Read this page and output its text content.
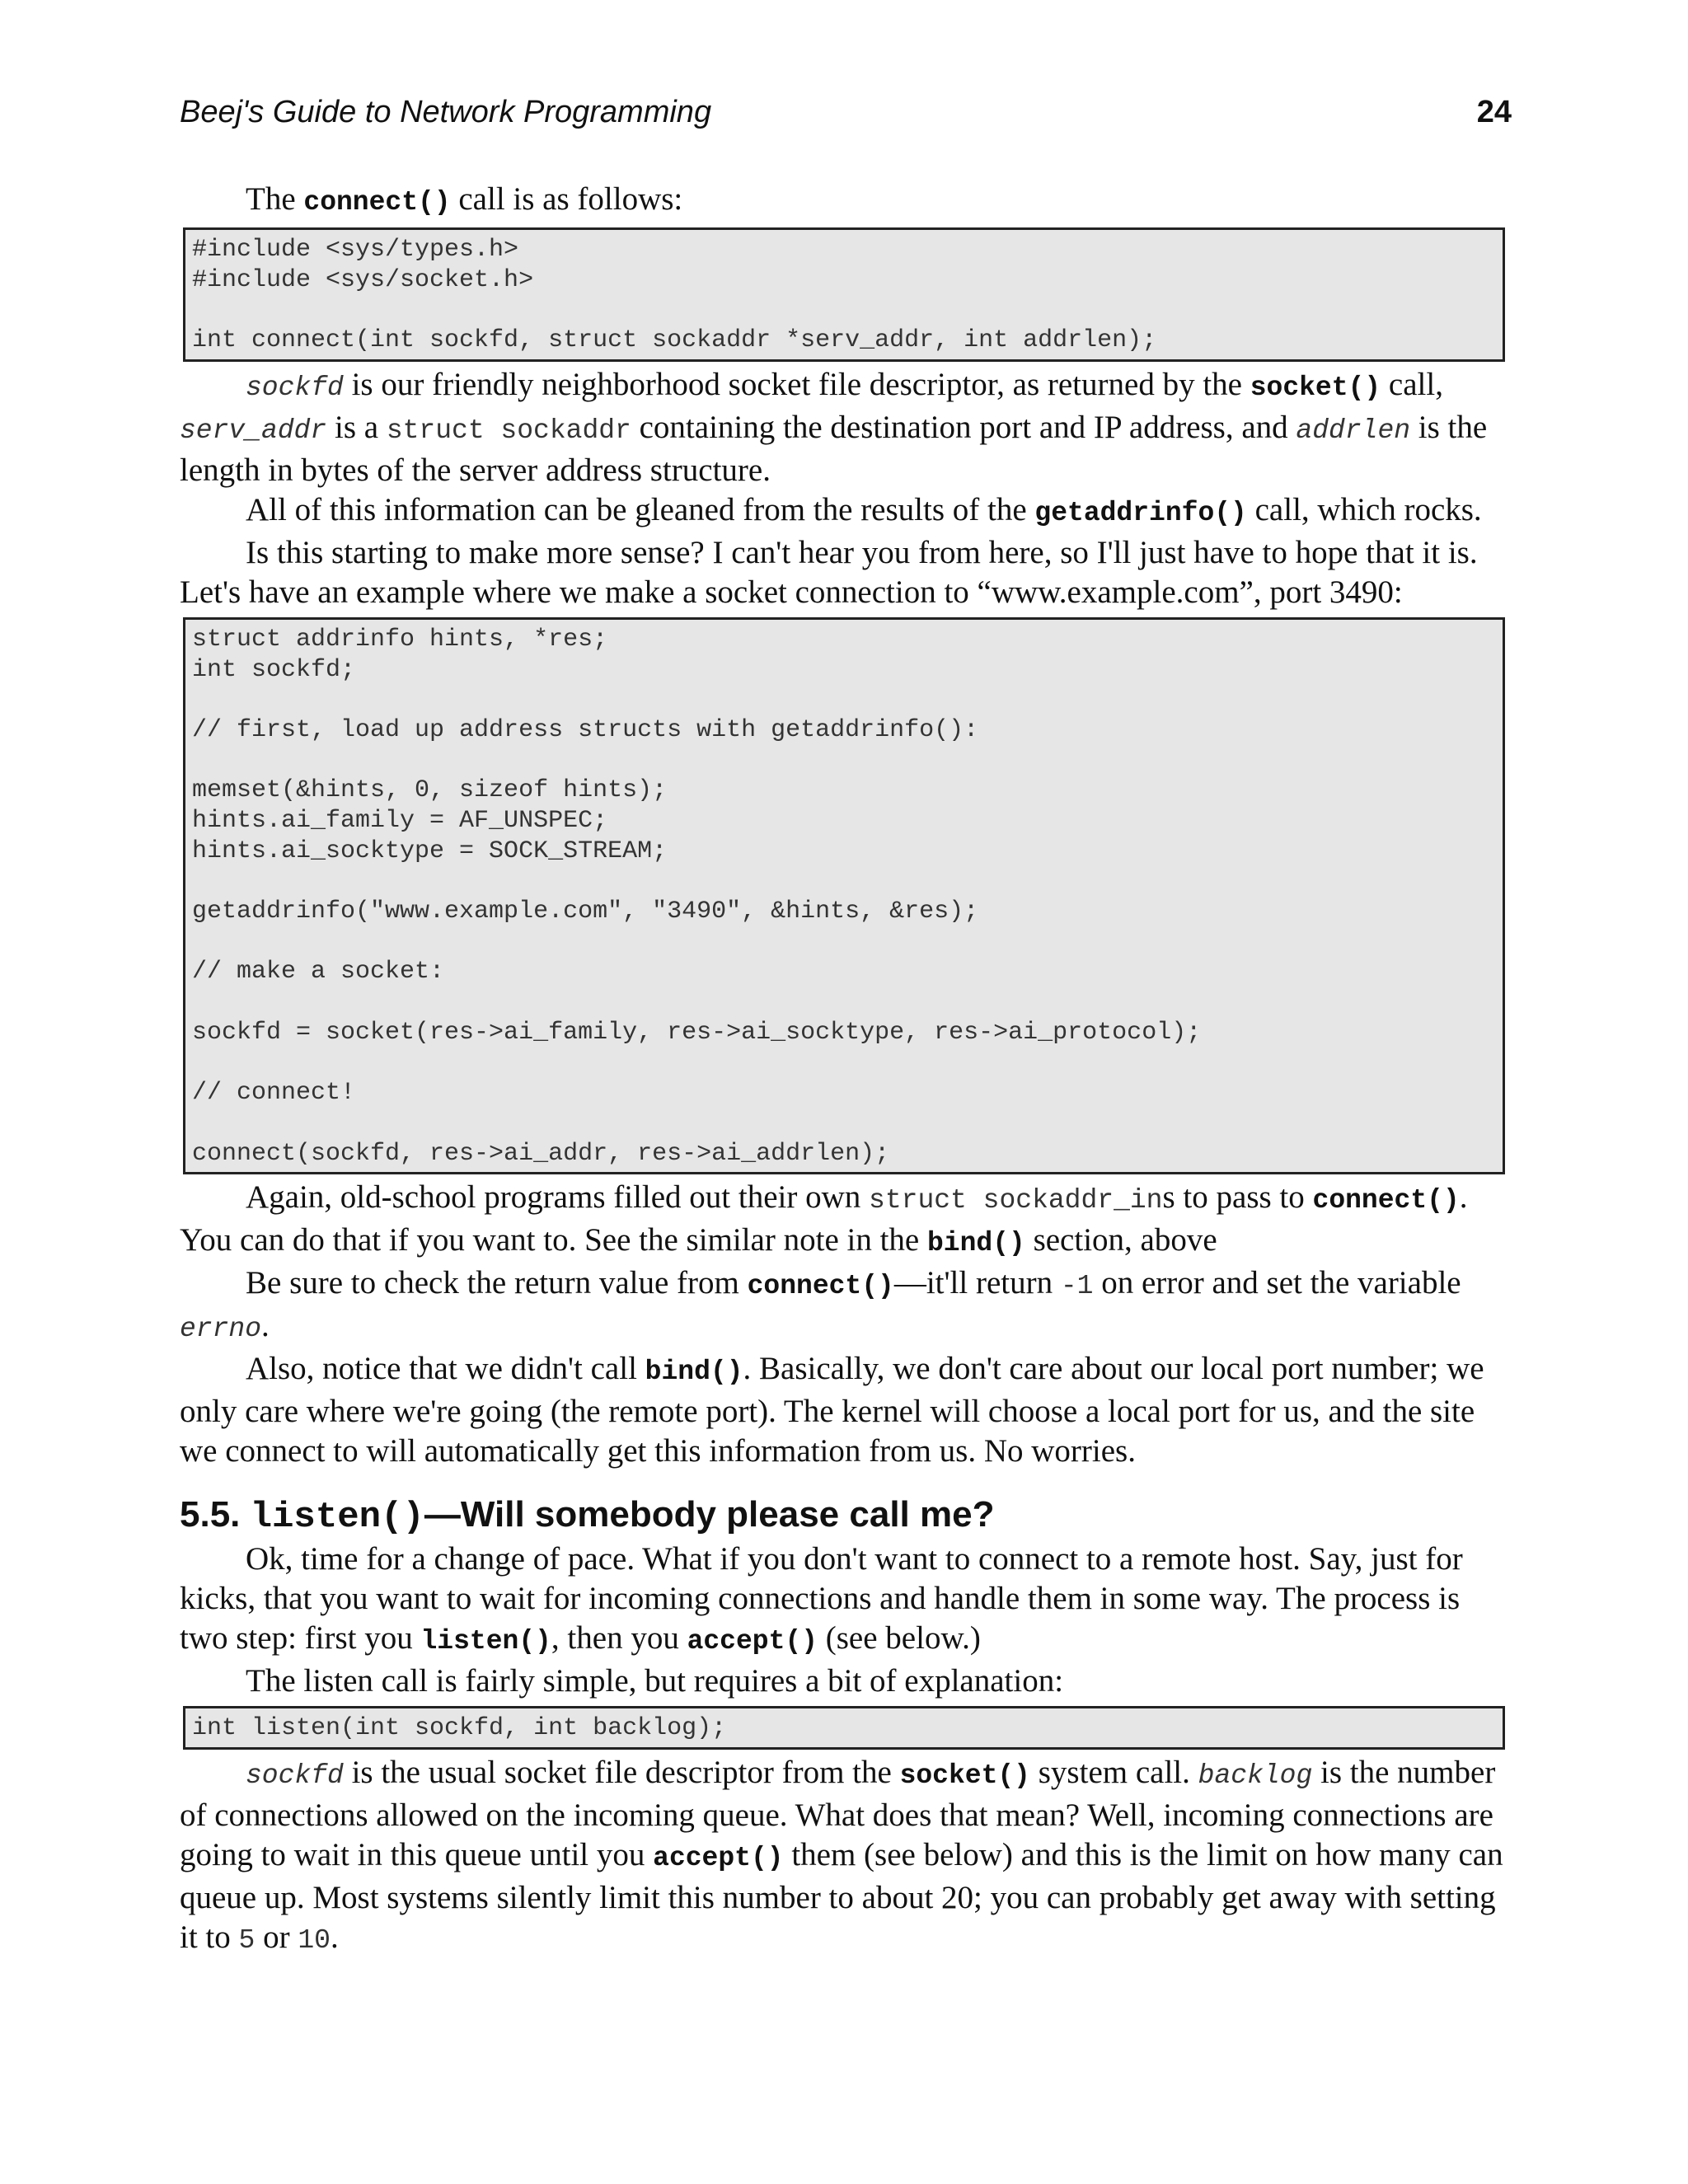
Beej's Guide to Network Programming	24

The connect() call is as follows:

#include <sys/types.h>
#include <sys/socket.h>
int connect(int sockfd, struct sockaddr *serv_addr, int addrlen);

sockfd is our friendly neighborhood socket file descriptor, as returned by the socket() call, serv_addr is a struct sockaddr containing the destination port and IP address, and addrlen is the length in bytes of the server address structure.

All of this information can be gleaned from the results of the getaddrinfo() call, which rocks.

Is this starting to make more sense? I can't hear you from here, so I'll just have to hope that it is. Let's have an example where we make a socket connection to “www.example.com”, port 3490:

struct addrinfo hints, *res;
int sockfd;
// first, load up address structs with getaddrinfo():
memset(&hints, 0, sizeof hints);
hints.ai_family = AF_UNSPEC;
hints.ai_socktype = SOCK_STREAM;
getaddrinfo("www.example.com", "3490", &hints, &res);
// make a socket:
sockfd = socket(res->ai_family, res->ai_socktype, res->ai_protocol);
// connect!
connect(sockfd, res->ai_addr, res->ai_addrlen);

Again, old-school programs filled out their own struct sockaddr_ins to pass to connect(). You can do that if you want to. See the similar note in the bind() section, above

Be sure to check the return value from connect()—it'll return -1 on error and set the variable errno.

Also, notice that we didn't call bind(). Basically, we don't care about our local port number; we only care where we're going (the remote port). The kernel will choose a local port for us, and the site we connect to will automatically get this information from us. No worries.

5.5. listen()—Will somebody please call me?

Ok, time for a change of pace. What if you don't want to connect to a remote host. Say, just for kicks, that you want to wait for incoming connections and handle them in some way. The process is two step: first you listen(), then you accept() (see below.)

The listen call is fairly simple, but requires a bit of explanation:

int listen(int sockfd, int backlog);

sockfd is the usual socket file descriptor from the socket() system call. backlog is the number of connections allowed on the incoming queue. What does that mean? Well, incoming connections are going to wait in this queue until you accept() them (see below) and this is the limit on how many can queue up. Most systems silently limit this number to about 20; you can probably get away with setting it to 5 or 10.
